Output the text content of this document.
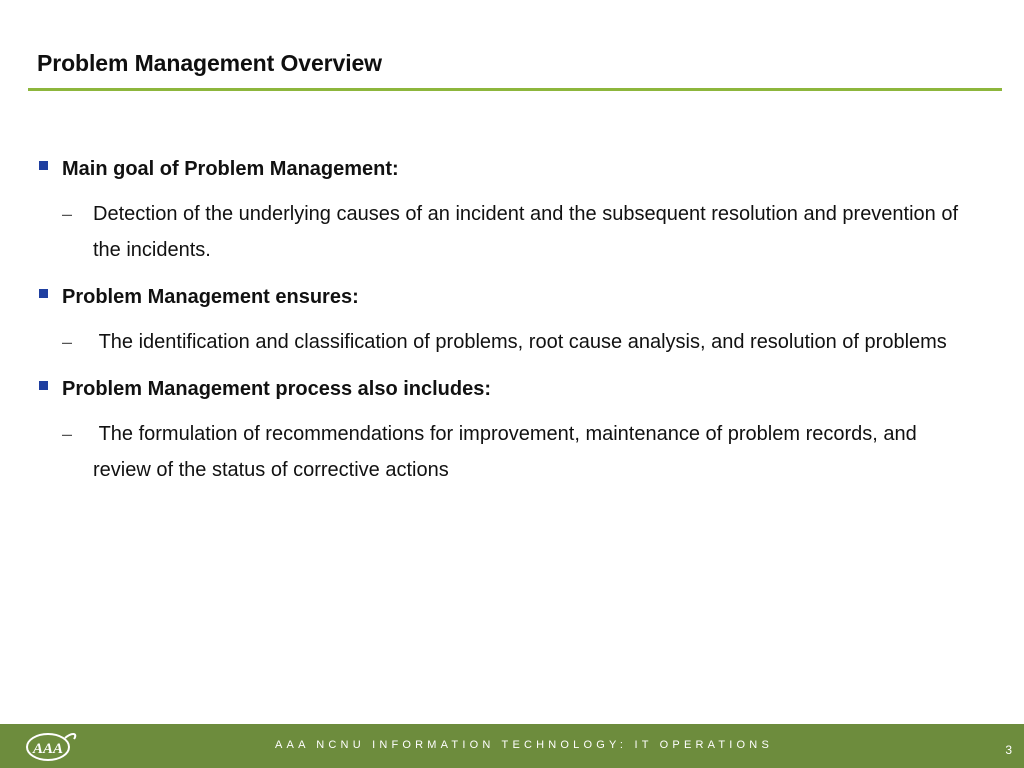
Problem Management Overview
Main goal of Problem Management:
– Detection of the underlying causes of an incident and the subsequent resolution and prevention of the incidents.
Problem Management ensures:
– The identification and classification of problems, root cause analysis, and resolution of problems
Problem Management process also includes:
– The formulation of recommendations for improvement, maintenance of problem records, and review of the status of corrective actions
AAA	AAA NCNU INFORMATION TECHNOLOGY: IT OPERATIONS	3
